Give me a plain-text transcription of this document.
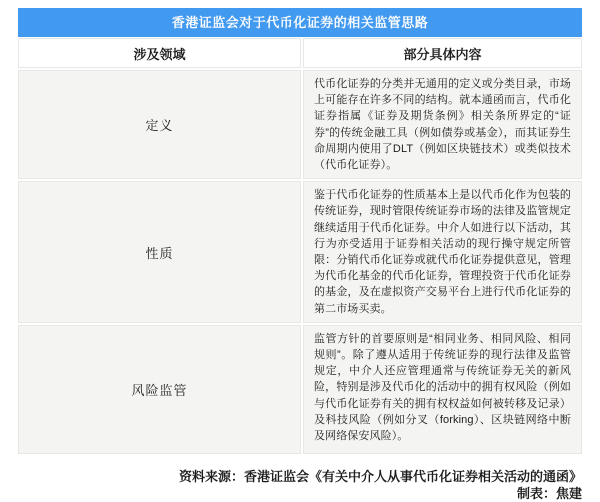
香港证监会对于代币化证券的相关监管思路
涉及领域	部分具体内容
定义
代币化证券的分类并无通用的定义或分类目录，市场上可能存在许多不同的结构。就本通函而言，代币化证券指属《证券及期货条例》相关条所界定的“证券”的传统金融工具（例如债券或基金），而其证券生命周期内使用了DLT（例如区块链技术）或类似技术（代币化证券）。
性质
鉴于代币化证券的性质基本上是以代币化作为包装的传统证券，现时管限传统证券市场的法律及监管规定继续适用于代币化证券。中介人如进行以下活动，其行为亦受适用于证券相关活动的现行操守规定所管限：分销代币化证券或就代币化证券提供意见，管理为代币化基金的代币化证券，管理投资于代币化证券的基金，及在虚拟资产交易平台上进行代币化证券的第二市场买卖。
风险监管
监管方针的首要原则是“相同业务、相同风险、相同规则”。除了遵从适用于传统证券的现行法律及监管规定，中介人还应管理通常与传统证券无关的新风险，特别是涉及代币化的活动中的拥有权风险（例如与代币化证券有关的拥有权权益如何被转移及记录）及科技风险（例如分叉（forking）、区块链网络中断及网络保安风险）。
资料来源：香港证监会《有关中介人从事代币化证券相关活动的通函》
制表：焦建
